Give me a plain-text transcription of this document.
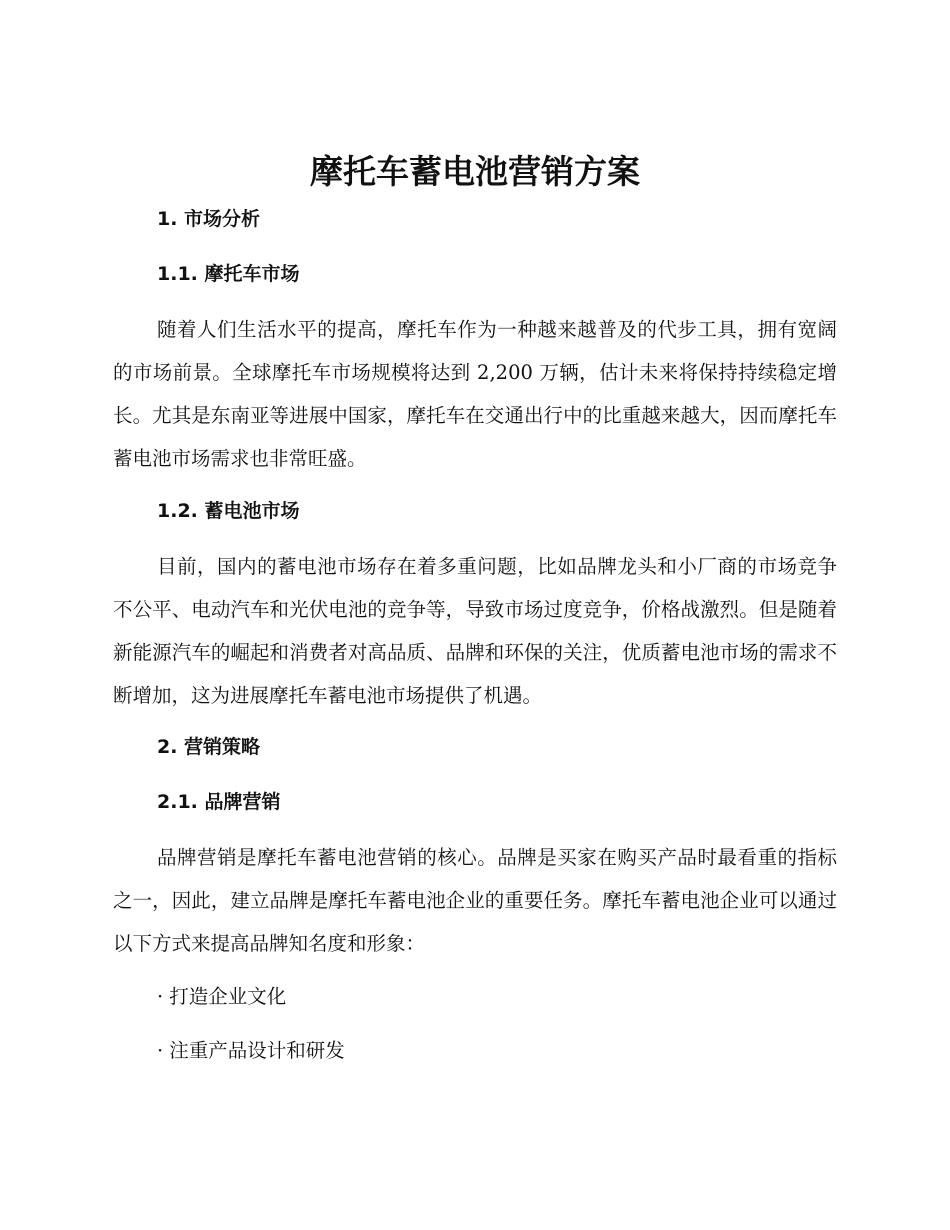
摩托车蓄电池营销方案
1. 市场分析
1.1. 摩托车市场

随着人们生活水平的提高，摩托车作为一种越来越普及的代步工具，拥有宽阔的市场前景。全球摩托车市场规模将达到 2,200 万辆，估计未来将保持持续稳定增长。尤其是东南亚等进展中国家，摩托车在交通出行中的比重越来越大，因而摩托车蓄电池市场需求也非常旺盛。

1.2. 蓄电池市场

目前，国内的蓄电池市场存在着多重问题，比如品牌龙头和小厂商的市场竞争不公平、电动汽车和光伏电池的竞争等，导致市场过度竞争，价格战激烈。但是随着新能源汽车的崛起和消费者对高品质、品牌和环保的关注，优质蓄电池市场的需求不断增加，这为进展摩托车蓄电池市场提供了机遇。

2. 营销策略
2.1. 品牌营销

品牌营销是摩托车蓄电池营销的核心。品牌是买家在购买产品时最看重的指标之一，因此，建立品牌是摩托车蓄电池企业的重要任务。摩托车蓄电池企业可以通过以下方式来提高品牌知名度和形象：

· 打造企业文化
· 注重产品设计和研发
